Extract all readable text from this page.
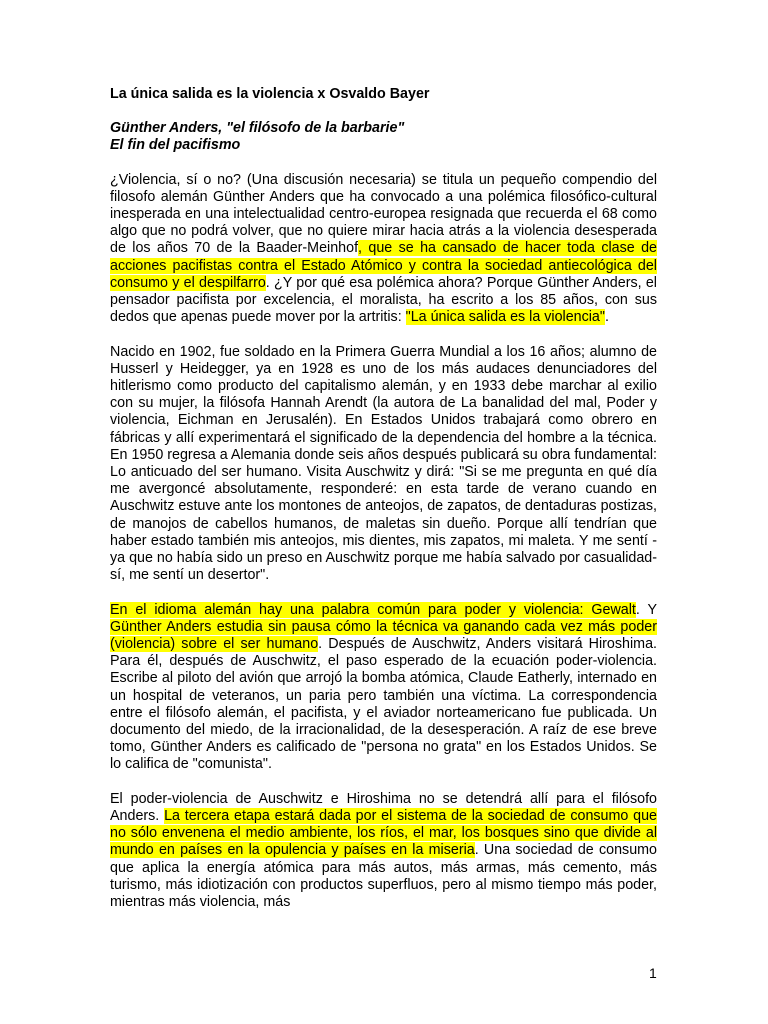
La única salida es la violencia x Osvaldo Bayer
Günther Anders, "el filósofo de la barbarie"
El fin del pacifismo

¿Violencia, sí o no? (Una discusión necesaria) se titula un pequeño compendio del filosofo alemán Günther Anders que ha convocado a una polémica filosófico-cultural inesperada en una intelectualidad centro-europea resignada que recuerda el 68 como algo que no podrá volver, que no quiere mirar hacia atrás a la violencia desesperada de los años 70 de la Baader-Meinhof, que se ha cansado de hacer toda clase de acciones pacifistas contra el Estado Atómico y contra la sociedad antiecológica del consumo y el despilfarro. ¿Y por qué esa polémica ahora? Porque Günther Anders, el pensador pacifista por excelencia, el moralista, ha escrito a los 85 años, con sus dedos que apenas puede mover por la artritis: "La única salida es la violencia".

Nacido en 1902, fue soldado en la Primera Guerra Mundial a los 16 años; alumno de Husserl y Heidegger, ya en 1928 es uno de los más audaces denunciadores del hitlerismo como producto del capitalismo alemán, y en 1933 debe marchar al exilio con su mujer, la filósofa Hannah Arendt (la autora de La banalidad del mal, Poder y violencia, Eichman en Jerusalén). En Estados Unidos trabajará como obrero en fábricas y allí experimentará el significado de la dependencia del hombre a la técnica. En 1950 regresa a Alemania donde seis años después publicará su obra fundamental: Lo anticuado del ser humano. Visita Auschwitz y dirá: "Si se me pregunta en qué día me avergoncé absolutamente, responderé: en esta tarde de verano cuando en Auschwitz estuve ante los montones de anteojos, de zapatos, de dentaduras postizas, de manojos de cabellos humanos, de maletas sin dueño. Porque allí tendrían que haber estado también mis anteojos, mis dientes, mis zapatos, mi maleta. Y me sentí -ya que no había sido un preso en Auschwitz porque me había salvado por casualidad- sí, me sentí un desertor".

En el idioma alemán hay una palabra común para poder y violencia: Gewalt. Y Günther Anders estudia sin pausa cómo la técnica va ganando cada vez más poder (violencia) sobre el ser humano. Después de Auschwitz, Anders visitará Hiroshima. Para él, después de Auschwitz, el paso esperado de la ecuación poder-violencia. Escribe al piloto del avión que arrojó la bomba atómica, Claude Eatherly, internado en un hospital de veteranos, un paria pero también una víctima. La correspondencia entre el filósofo alemán, el pacifista, y el aviador norteamericano fue publicada. Un documento del miedo, de la irracionalidad, de la desesperación. A raíz de ese breve tomo, Günther Anders es calificado de "persona no grata" en los Estados Unidos. Se lo califica de "comunista".

El poder-violencia de Auschwitz e Hiroshima no se detendrá allí para el filósofo Anders. La tercera etapa estará dada por el sistema de la sociedad de consumo que no sólo envenena el medio ambiente, los ríos, el mar, los bosques sino que divide al mundo en países en la opulencia y países en la miseria. Una sociedad de consumo que aplica la energía atómica para más autos, más armas, más cemento, más turismo, más idiotización con productos superfluos, pero al mismo tiempo más poder, mientras más violencia, más

1
